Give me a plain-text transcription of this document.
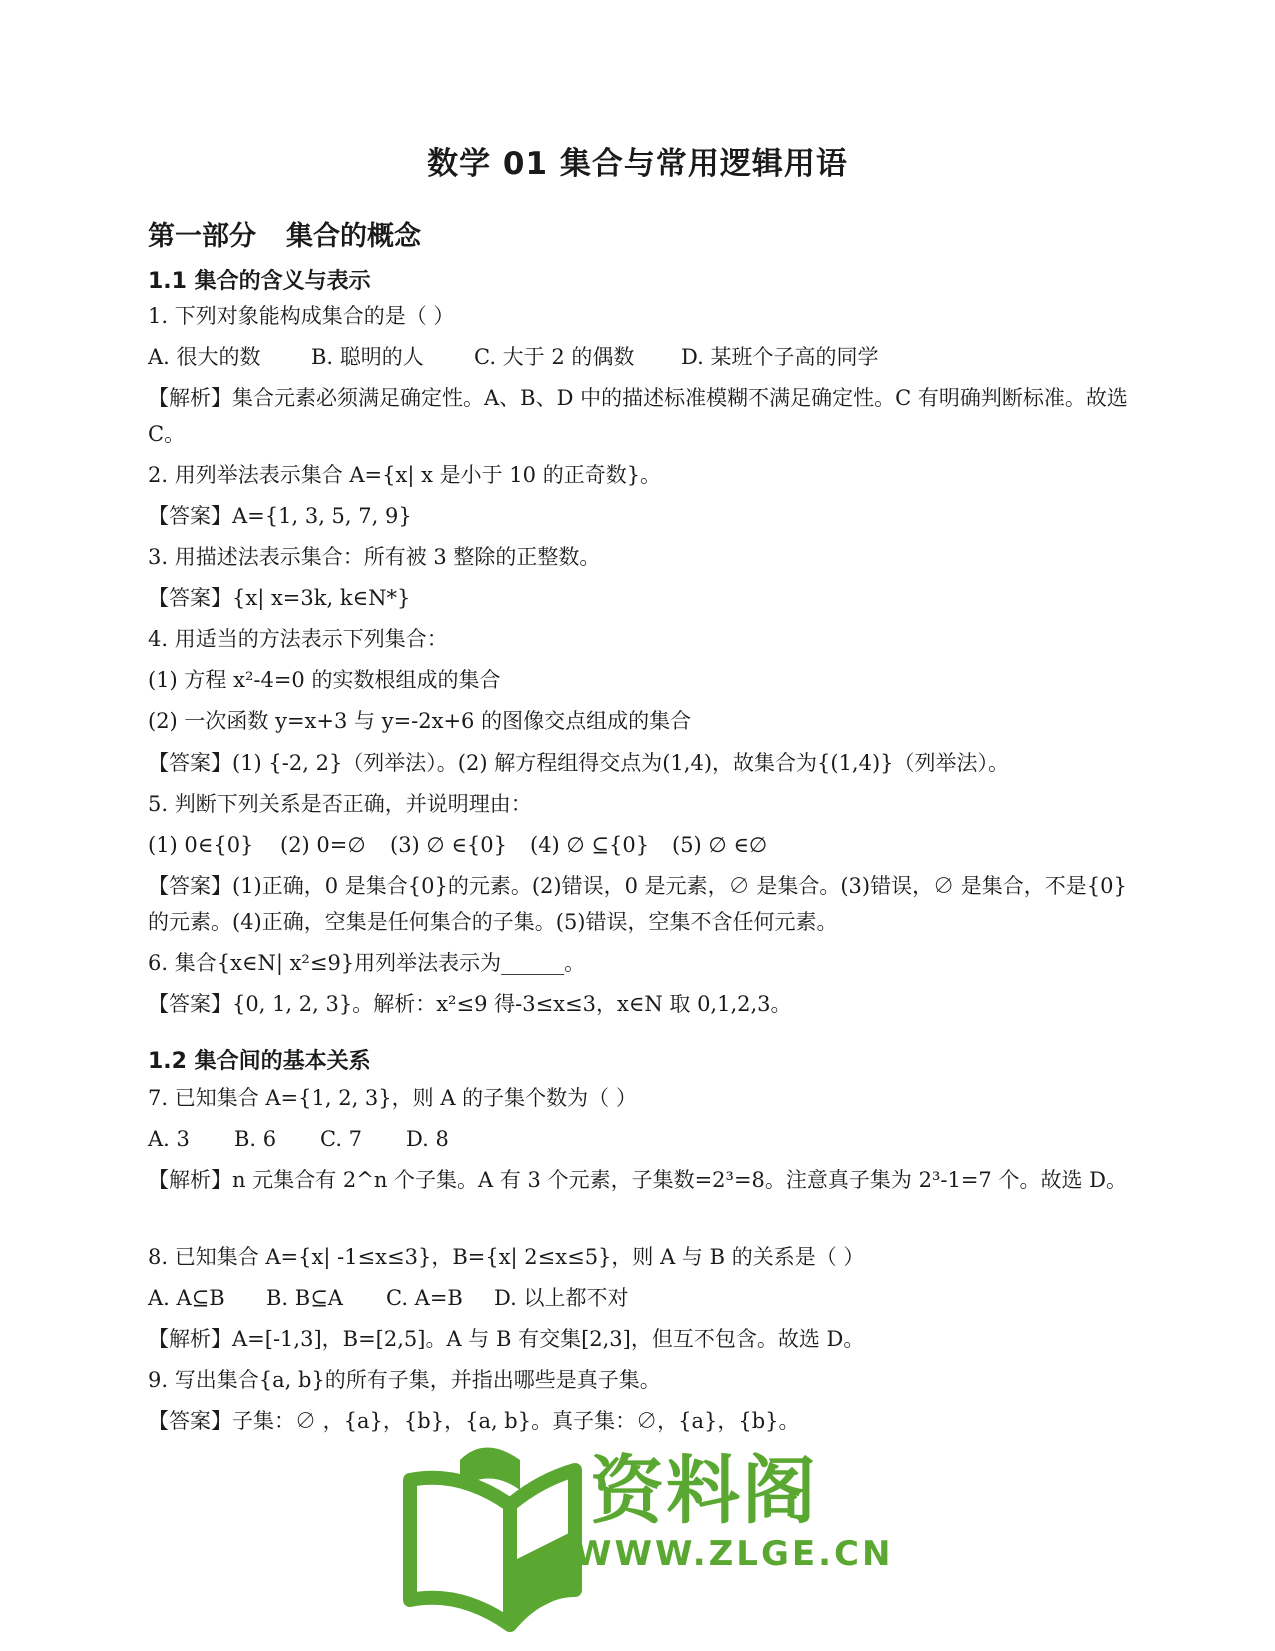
数学 01 集合与常用逻辑用语
第一部分 集合的概念
1.1 集合的含义与表示
1. 下列对象能构成集合的是（ ）
A. 很大的数 B. 聪明的人 C. 大于 2 的偶数 D. 某班个子高的同学
【解析】集合元素必须满足确定性。A、B、D 中的描述标准模糊不满足确定性。C 有明确判断标准。故选 C。
2. 用列举法表示集合 A={x| x 是小于 10 的正奇数}。
【答案】A={1, 3, 5, 7, 9}
3. 用描述法表示集合：所有被 3 整除的正整数。
【答案】{x| x=3k, k∈N*}
4. 用适当的方法表示下列集合：
(1) 方程 x²-4=0 的实数根组成的集合
(2) 一次函数 y=x+3 与 y=-2x+6 的图像交点组成的集合
【答案】(1) {-2, 2}（列举法）。(2) 解方程组得交点为(1,4)，故集合为{(1,4)}（列举法）。
5. 判断下列关系是否正确，并说明理由：
(1) 0∈{0} (2) 0=∅ (3) ∅ ∈{0} (4) ∅ ⊆{0} (5) ∅ ∈∅
【答案】(1)正确，0 是集合{0}的元素。(2)错误，0 是元素，∅ 是集合。(3)错误，∅ 是集合，不是{0}的元素。(4)正确，空集是任何集合的子集。(5)错误，空集不含任何元素。
6. 集合{x∈N| x²≤9}用列举法表示为______。
【答案】{0, 1, 2, 3}。解析：x²≤9 得-3≤x≤3，x∈N 取 0,1,2,3。
1.2 集合间的基本关系
7. 已知集合 A={1, 2, 3}，则 A 的子集个数为（ ）
A. 3 B. 6 C. 7 D. 8
【解析】n 元集合有 2^n 个子集。A 有 3 个元素，子集数=2³=8。注意真子集为 2³-1=7 个。故选 D。
8. 已知集合 A={x| -1≤x≤3}，B={x| 2≤x≤5}，则 A 与 B 的关系是（ ）
A. A⊆B B. B⊆A C. A=B D. 以上都不对
【解析】A=[-1,3]，B=[2,5]。A 与 B 有交集[2,3]，但互不包含。故选 D。
9. 写出集合{a, b}的所有子集，并指出哪些是真子集。
【答案】子集：∅ ，{a}，{b}，{a, b}。真子集：∅，{a}，{b}。
资料阁
WWW.ZLGE.CN
